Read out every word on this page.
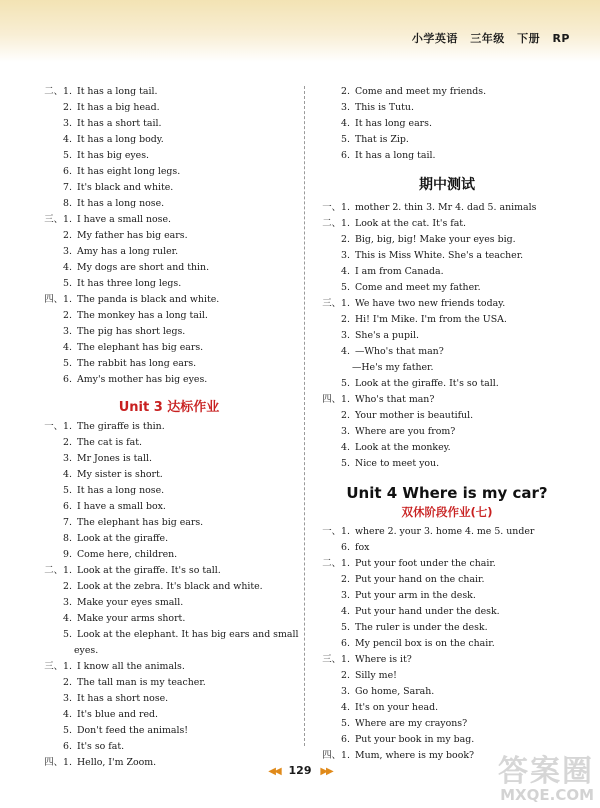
小学英语 三年级 下册 RP
二、1. It has a long tail.
2. It has a big head.
3. It has a short tail.
4. It has a long body.
5. It has big eyes.
6. It has eight long legs.
7. It's black and white.
8. It has a long nose.
三、1. I have a small nose.
2. My father has big ears.
3. Amy has a long ruler.
4. My dogs are short and thin.
5. It has three long legs.
四、1. The panda is black and white.
2. The monkey has a long tail.
3. The pig has short legs.
4. The elephant has big ears.
5. The rabbit has long ears.
6. Amy's mother has big eyes.
Unit 3 达标作业
一、1. The giraffe is thin.
2. The cat is fat.
3. Mr Jones is tall.
4. My sister is short.
5. It has a long nose.
6. I have a small box.
7. The elephant has big ears.
8. Look at the giraffe.
9. Come here, children.
二、1. Look at the giraffe. It's so tall.
2. Look at the zebra. It's black and white.
3. Make your eyes small.
4. Make your arms short.
5. Look at the elephant. It has big ears and small
eyes.
三、1. I know all the animals.
2. The tall man is my teacher.
3. It has a short nose.
4. It's blue and red.
5. Don't feed the animals!
6. It's so fat.
四、1. Hello, I'm Zoom.
2. Come and meet my friends.
3. This is Tutu.
4. It has long ears.
5. That is Zip.
6. It has a long tail.
期中测试
一、1. mother 2. thin 3. Mr 4. dad 5. animals
二、1. Look at the cat. It's fat.
2. Big, big, big! Make your eyes big.
3. This is Miss White. She's a teacher.
4. I am from Canada.
5. Come and meet my father.
三、1. We have two new friends today.
2. Hi! I'm Mike. I'm from the USA.
3. She's a pupil.
4. —Who's that man?
—He's my father.
5. Look at the giraffe. It's so tall.
四、1. Who's that man?
2. Your mother is beautiful.
3. Where are you from?
4. Look at the monkey.
5. Nice to meet you.
Unit 4 Where is my car?
双休阶段作业(七)
一、1. where 2. your 3. home 4. me 5. under
6. fox
二、1. Put your foot under the chair.
2. Put your hand on the chair.
3. Put your arm in the desk.
4. Put your hand under the desk.
5. The ruler is under the desk.
6. My pencil box is on the chair.
三、1. Where is it?
2. Silly me!
3. Go home, Sarah.
4. It's on your head.
5. Where are my crayons?
6. Put your book in my bag.
四、1. Mum, where is my book?
◀◀ 129 ▶▶	答案圈
MXQE.COM
